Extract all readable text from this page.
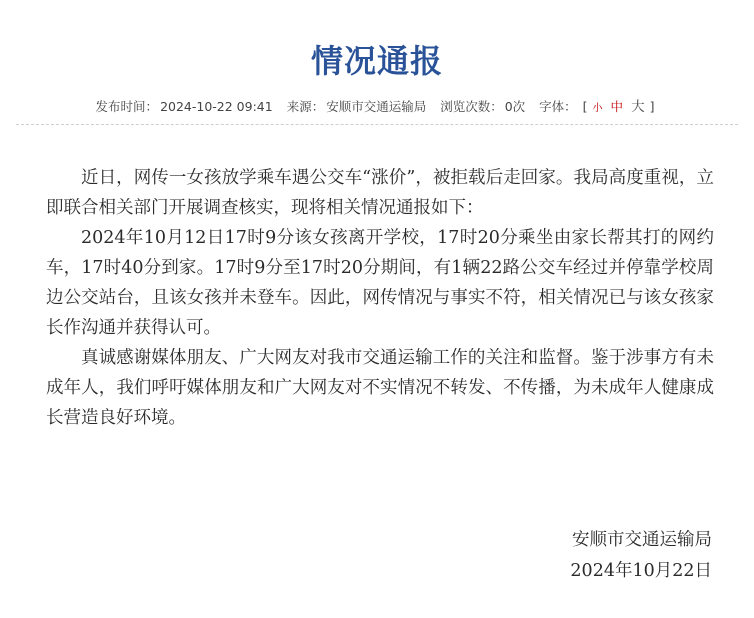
情况通报
发布时间： 2024-10-22 09:41 来源： 安顺市交通运输局 浏览次数： 0次 字体： [ 小 中 大 ]

近日，网传一女孩放学乘车遇公交车“涨价”，被拒载后走回家。我局高度重视，立即联合相关部门开展调查核实，现将相关情况通报如下：

2024年10月12日17时9分该女孩离开学校，17时20分乘坐由家长帮其打的网约车，17时40分到家。17时9分至17时20分期间，有1辆22路公交车经过并停靠学校周边公交站台，且该女孩并未登车。因此，网传情况与事实不符，相关情况已与该女孩家长作沟通并获得认可。

真诚感谢媒体朋友、广大网友对我市交通运输工作的关注和监督。鉴于涉事方有未成年人，我们呼吁媒体朋友和广大网友对不实情况不转发、不传播，为未成年人健康成长营造良好环境。

安顺市交通运输局
2024年10月22日
